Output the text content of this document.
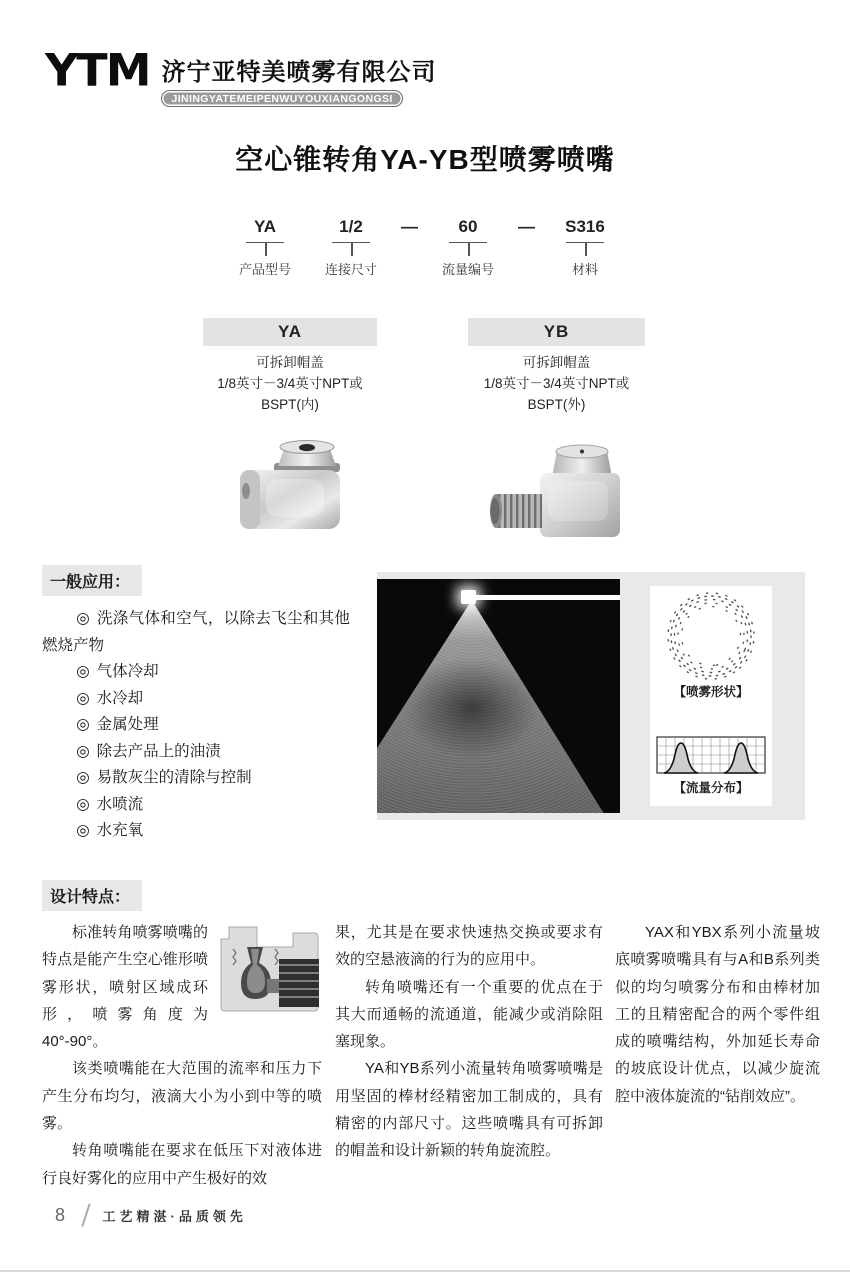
YTM 济宁亚特美喷雾有限公司
JININGYATEMEIPENWUYOUXIANGONGSI
空心锥转角YA-YB型喷雾喷嘴
YA
产品型号
1/2
连接尺寸
— 60
流量编号
— S316
材料
YA
可拆卸帽盖
1/8英寸－3/4英寸NPT或
BSPT(内)
YB
可拆卸帽盖
1/8英寸－3/4英寸NPT或
BSPT(外)
一般应用：
◎ 洗涤气体和空气，以除去飞尘和其他燃烧产物
◎ 气体冷却
◎ 水冷却
◎ 金属处理
◎ 除去产品上的油渍
◎ 易散灰尘的清除与控制
◎ 水喷流
◎ 水充氧
【喷雾形状】
【流量分布】
设计特点：

标准转角喷雾喷嘴的特点是能产生空心锥形喷雾形状，喷射区域成环形，喷雾角度为40°-90°。

该类喷嘴能在大范围的流率和压力下产生分布均匀，液滴大小为小到中等的喷雾。

转角喷嘴能在要求在低压下对液体进行良好雾化的应用中产生极好的效

果，尤其是在要求快速热交换或要求有效的空悬液滴的行为的应用中。

转角喷嘴还有一个重要的优点在于其大而通畅的流通道，能减少或消除阻塞现象。

YA和YB系列小流量转角喷雾喷嘴是用坚固的棒材经精密加工制成的，具有精密的内部尺寸。这些喷嘴具有可拆卸的帽盖和设计新颖的转角旋流腔。

YAX和YBX系列小流量坡底喷雾喷嘴具有与A和B系列类似的均匀喷雾分布和由棒材加工的且精密配合的两个零件组成的喷嘴结构，外加延长寿命的坡底设计优点，以减少旋流腔中液体旋流的“钻削效应”。

8	工艺精湛·品质领先
